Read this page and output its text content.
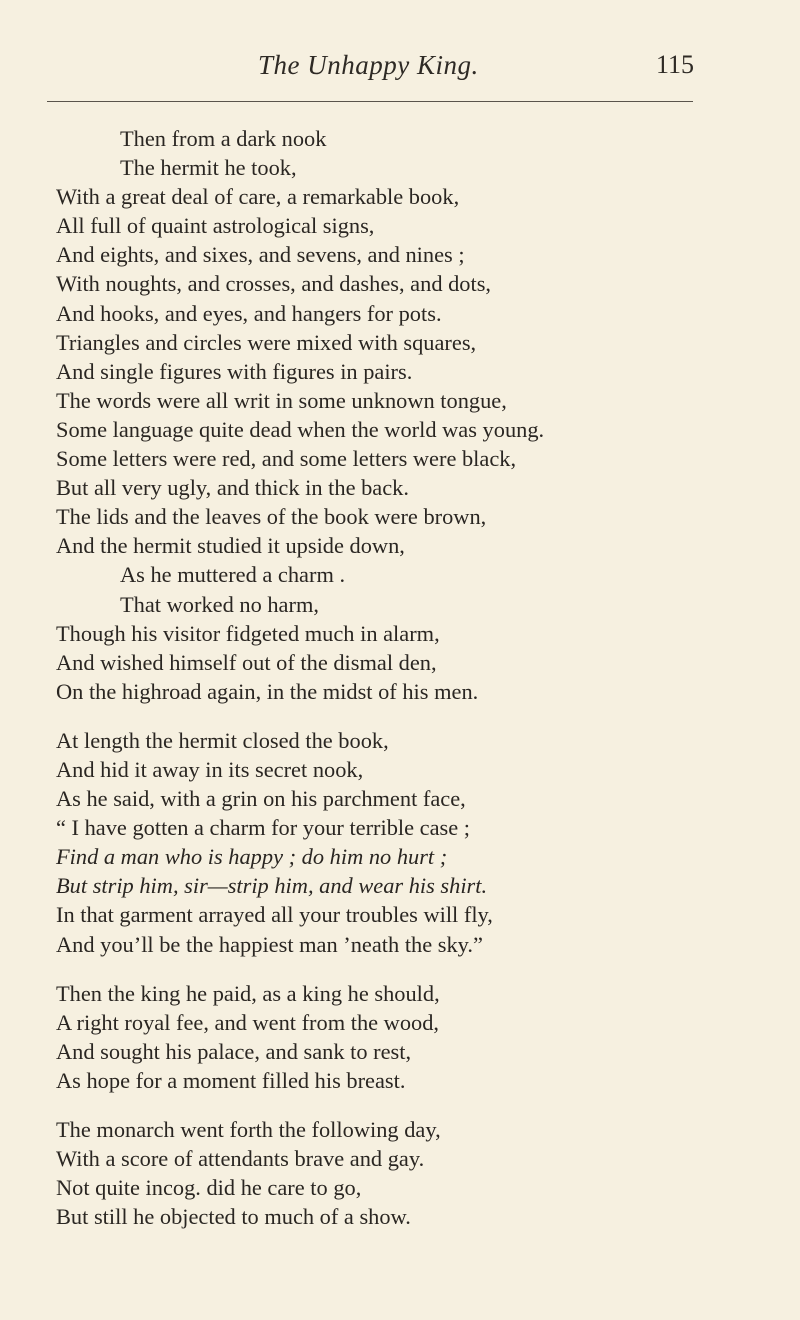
The Unhappy King.	115
Then from a dark nook
The hermit he took,
With a great deal of care, a remarkable book,
All full of quaint astrological signs,
And eights, and sixes, and sevens, and nines ;
With noughts, and crosses, and dashes, and dots,
And hooks, and eyes, and hangers for pots.
Triangles and circles were mixed with squares,
And single figures with figures in pairs.
The words were all writ in some unknown tongue,
Some language quite dead when the world was young.
Some letters were red, and some letters were black,
But all very ugly, and thick in the back.
The lids and the leaves of the book were brown,
And the hermit studied it upside down,
As he muttered a charm .
That worked no harm,
Though his visitor fidgeted much in alarm,
And wished himself out of the dismal den,
On the highroad again, in the midst of his men.
At length the hermit closed the book,
And hid it away in its secret nook,
As he said, with a grin on his parchment face,
“ I have gotten a charm for your terrible case ;
Find a man who is happy ; do him no hurt ;
But strip him, sir—strip him, and wear his shirt.
In that garment arrayed all your troubles will fly,
And you’ll be the happiest man ’neath the sky.”
Then the king he paid, as a king he should,
A right royal fee, and went from the wood,
And sought his palace, and sank to rest,
As hope for a moment filled his breast.
The monarch went forth the following day,
With a score of attendants brave and gay.
Not quite incog. did he care to go,
But still he objected to much of a show.
